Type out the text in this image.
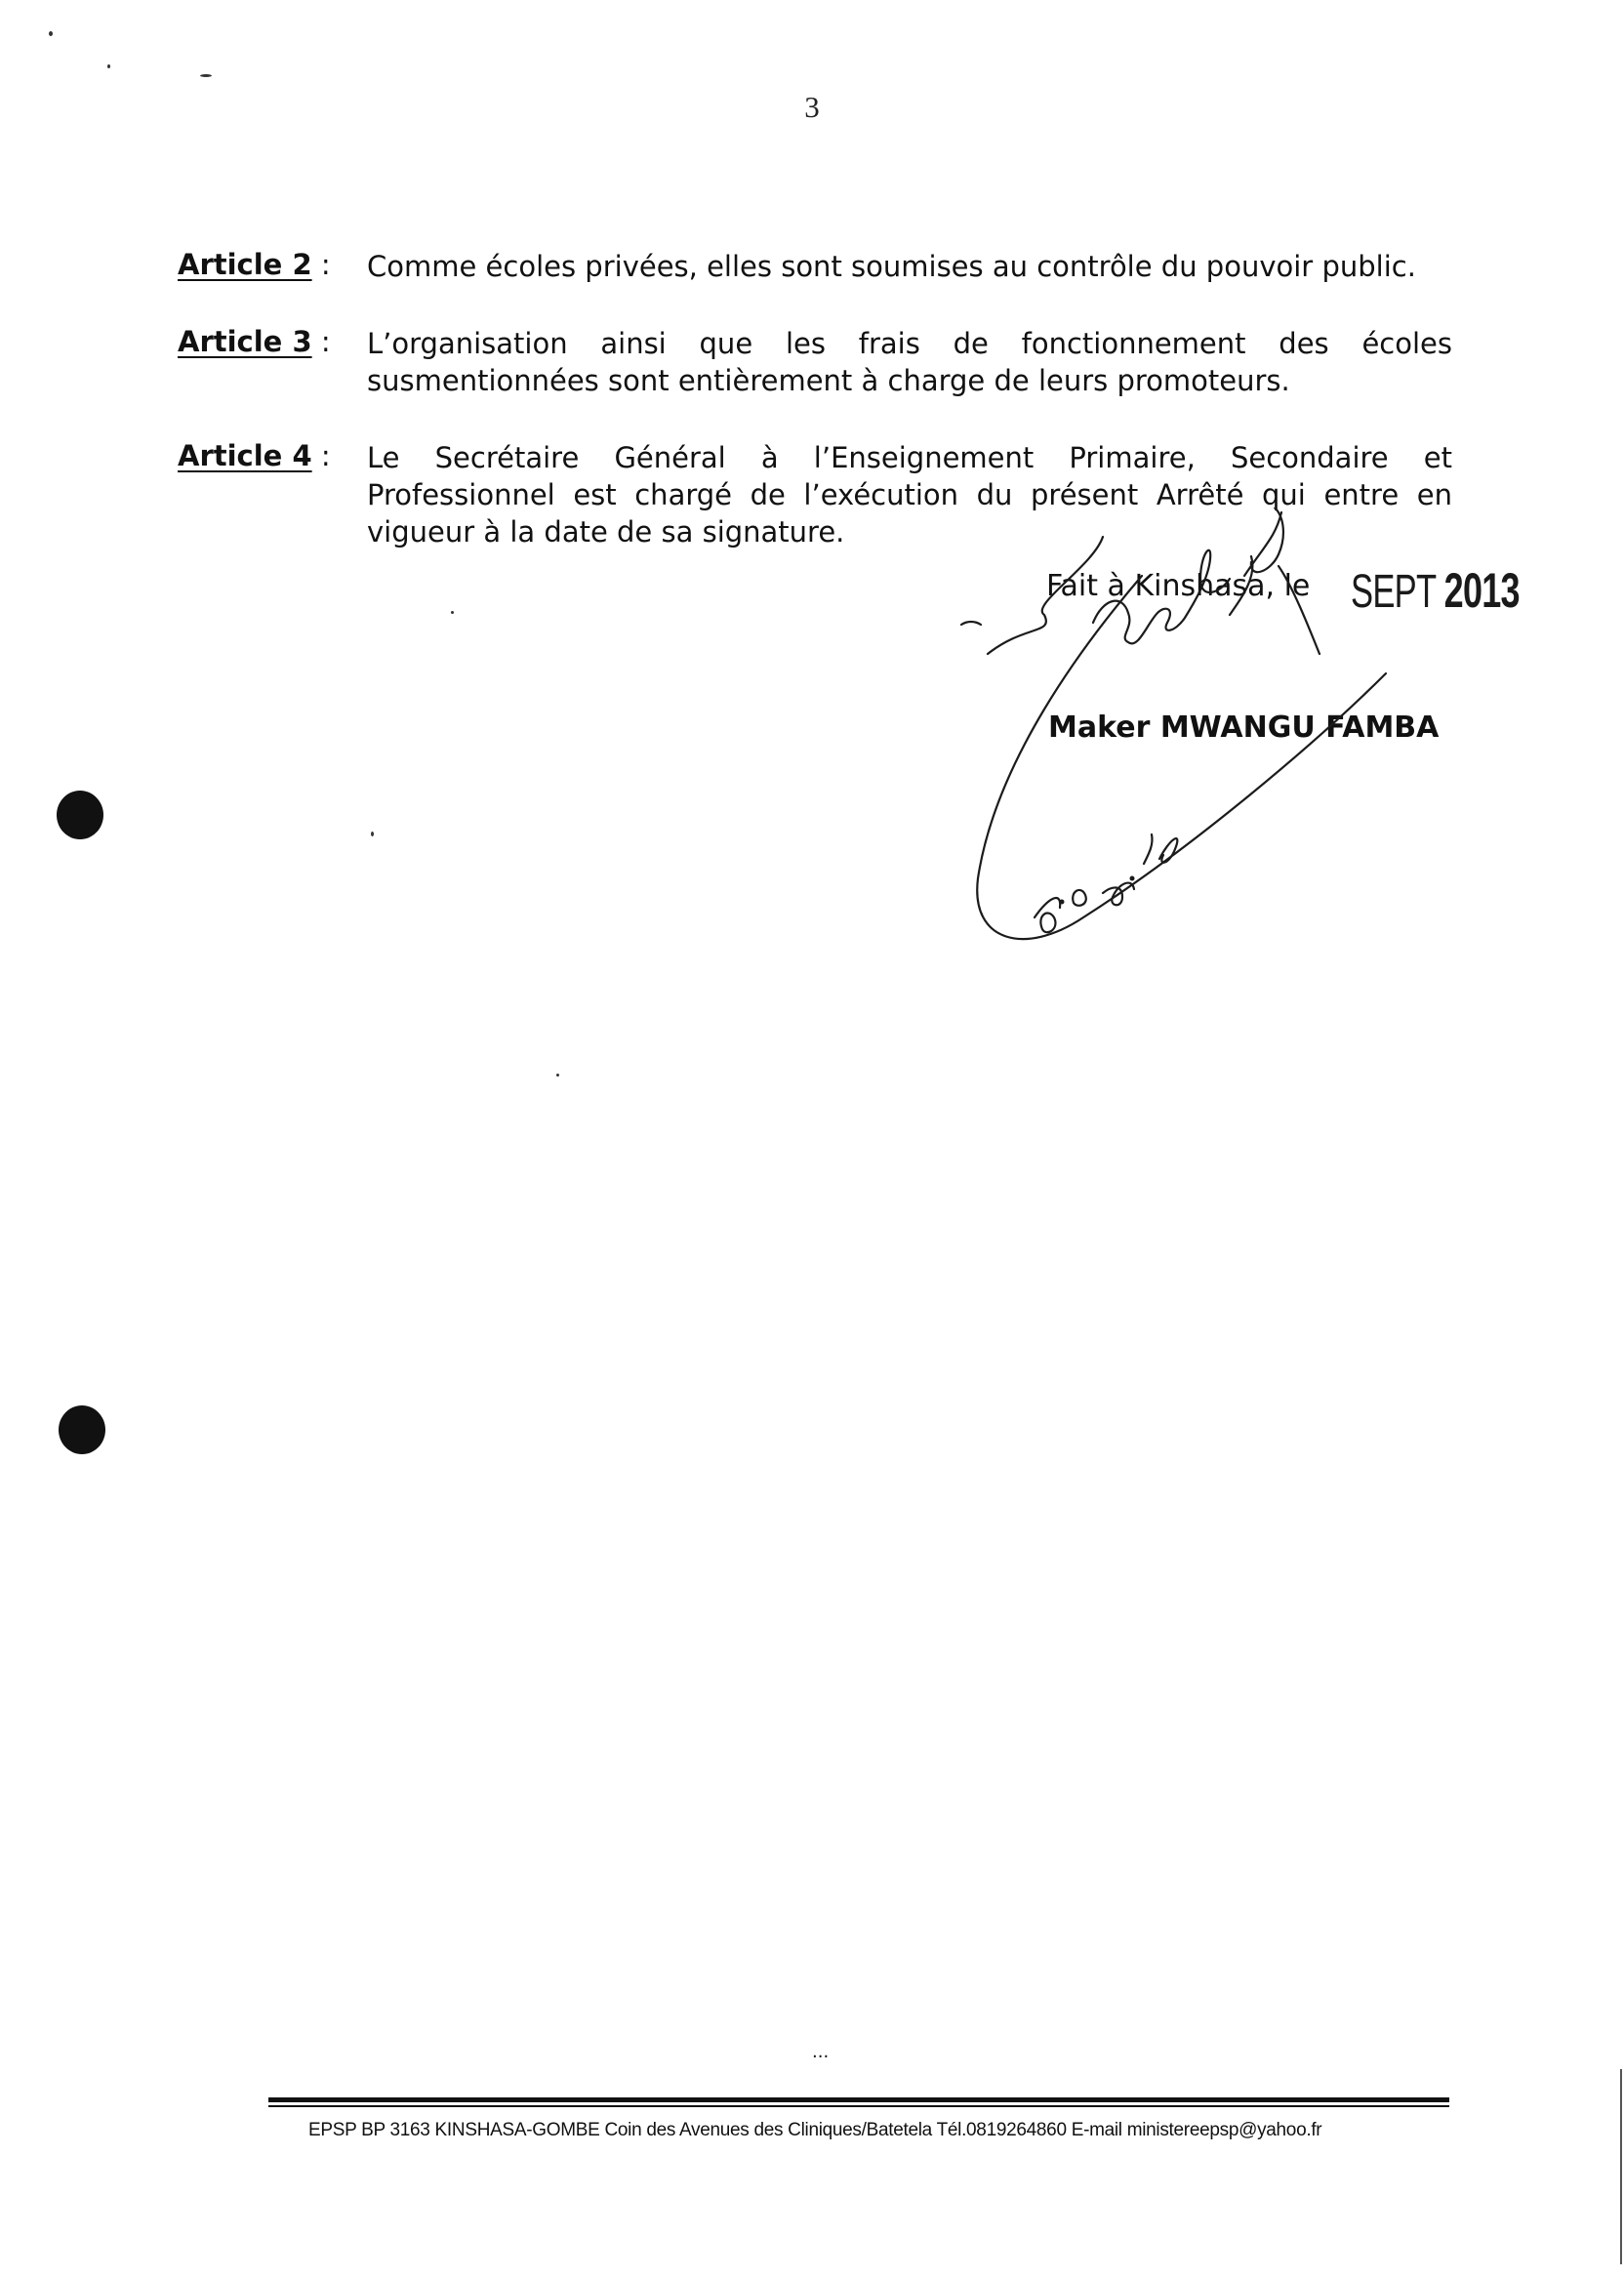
3
Article 2 :	Comme écoles privées, elles sont soumises au contrôle du pouvoir public.
Article 3 :	L’organisation ainsi que les frais de fonctionnement des écoles susmentionnées sont entièrement à charge de leurs promoteurs.
Article 4 :	Le Secrétaire Général à l’Enseignement Primaire, Secondaire et Professionnel est chargé de l’exécution du présent Arrêté qui entre en vigueur à la date de sa signature.
Fait à Kinshasa, le SEPT 2013
Maker MWANGU FAMBA
...
EPSP BP 3163 KINSHASA-GOMBE Coin des Avenues des Cliniques/Batetela Tél.0819264860 E-mail ministereepsp@yahoo.fr
